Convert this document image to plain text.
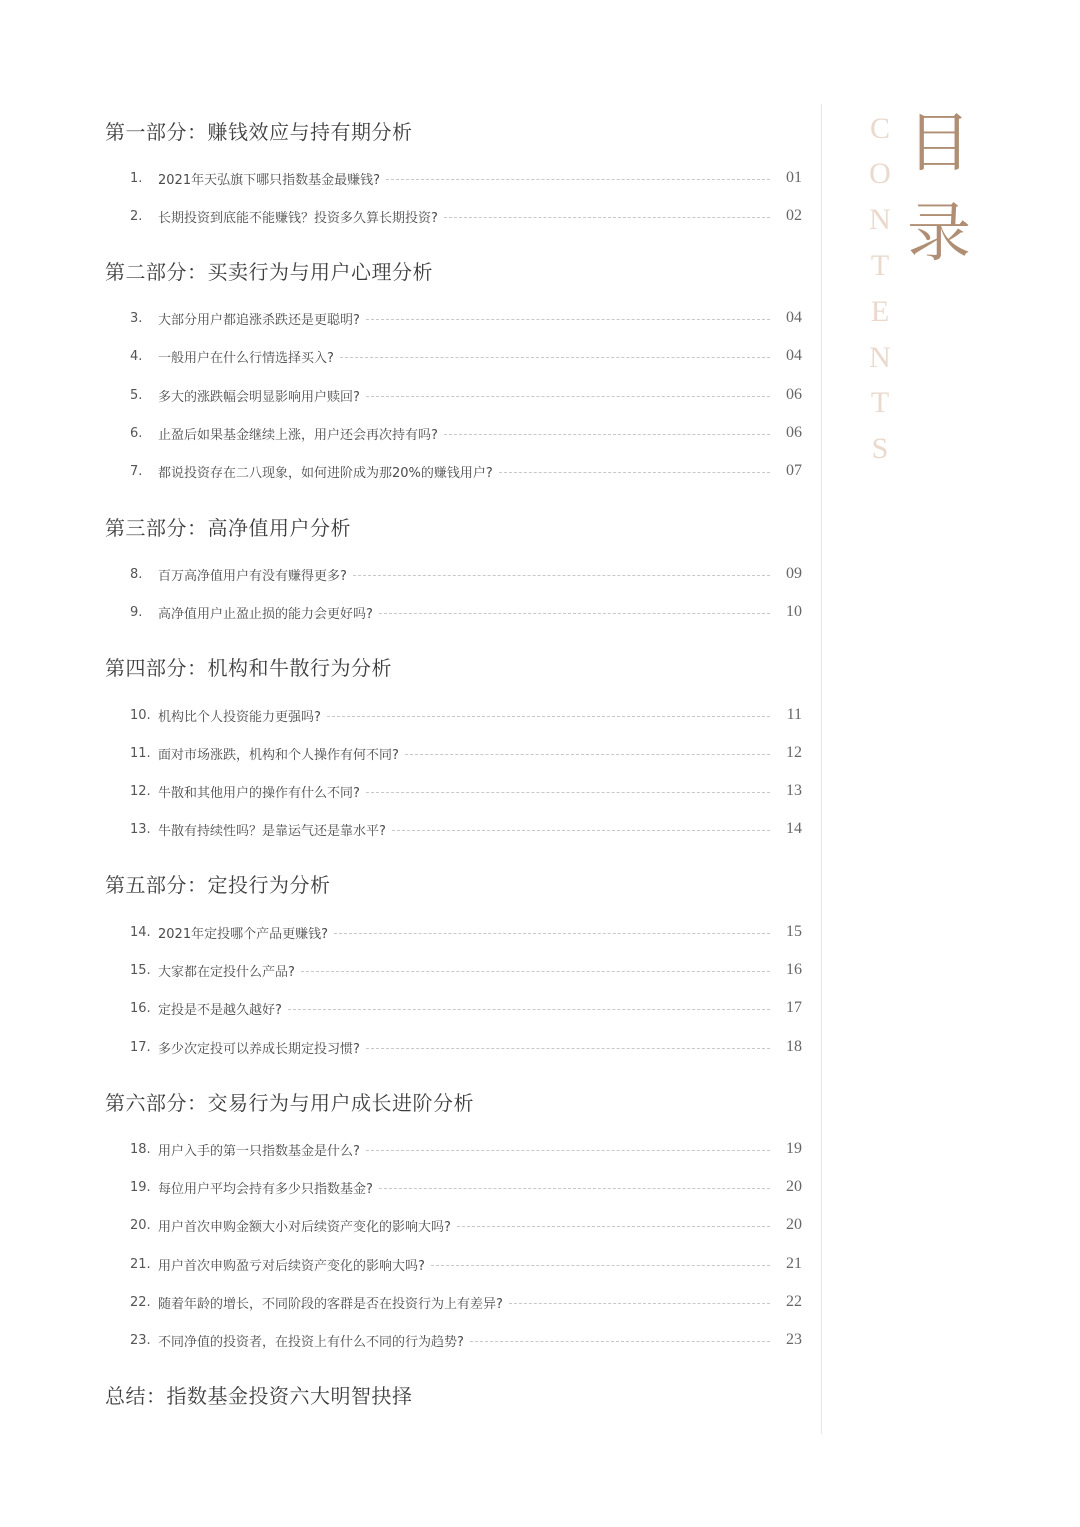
第一部分：赚钱效应与持有期分析
1.	2021年天弘旗下哪只指数基金最赚钱?	01
2.	长期投资到底能不能赚钱？投资多久算长期投资?	02
第二部分：买卖行为与用户心理分析
3.	大部分用户都追涨杀跌还是更聪明?	04
4.	一般用户在什么行情选择买入?	04
5.	多大的涨跌幅会明显影响用户赎回?	06
6.	止盈后如果基金继续上涨，用户还会再次持有吗?	06
7.	都说投资存在二八现象，如何进阶成为那20%的赚钱用户?	07
第三部分：高净值用户分析
8.	百万高净值用户有没有赚得更多?	09
9.	高净值用户止盈止损的能力会更好吗?	10
第四部分：机构和牛散行为分析
10. 机构比个人投资能力更强吗?	11
11. 面对市场涨跌，机构和个人操作有何不同?	12
12. 牛散和其他用户的操作有什么不同?	13
13. 牛散有持续性吗？是靠运气还是靠水平?	14
第五部分：定投行为分析
14. 2021年定投哪个产品更赚钱?	15
15. 大家都在定投什么产品?	16
16. 定投是不是越久越好?	17
17. 多少次定投可以养成长期定投习惯?	18
第六部分：交易行为与用户成长进阶分析
18. 用户入手的第一只指数基金是什么?	19
19. 每位用户平均会持有多少只指数基金?	20
20. 用户首次申购金额大小对后续资产变化的影响大吗?	20
21. 用户首次申购盈亏对后续资产变化的影响大吗?	21
22. 随着年龄的增长，不同阶段的客群是否在投资行为上有差异?	22
23. 不同净值的投资者，在投资上有什么不同的行为趋势?	23
总结：指数基金投资六大明智抉择
C
O
N
T
E
N
T
S
目
录
